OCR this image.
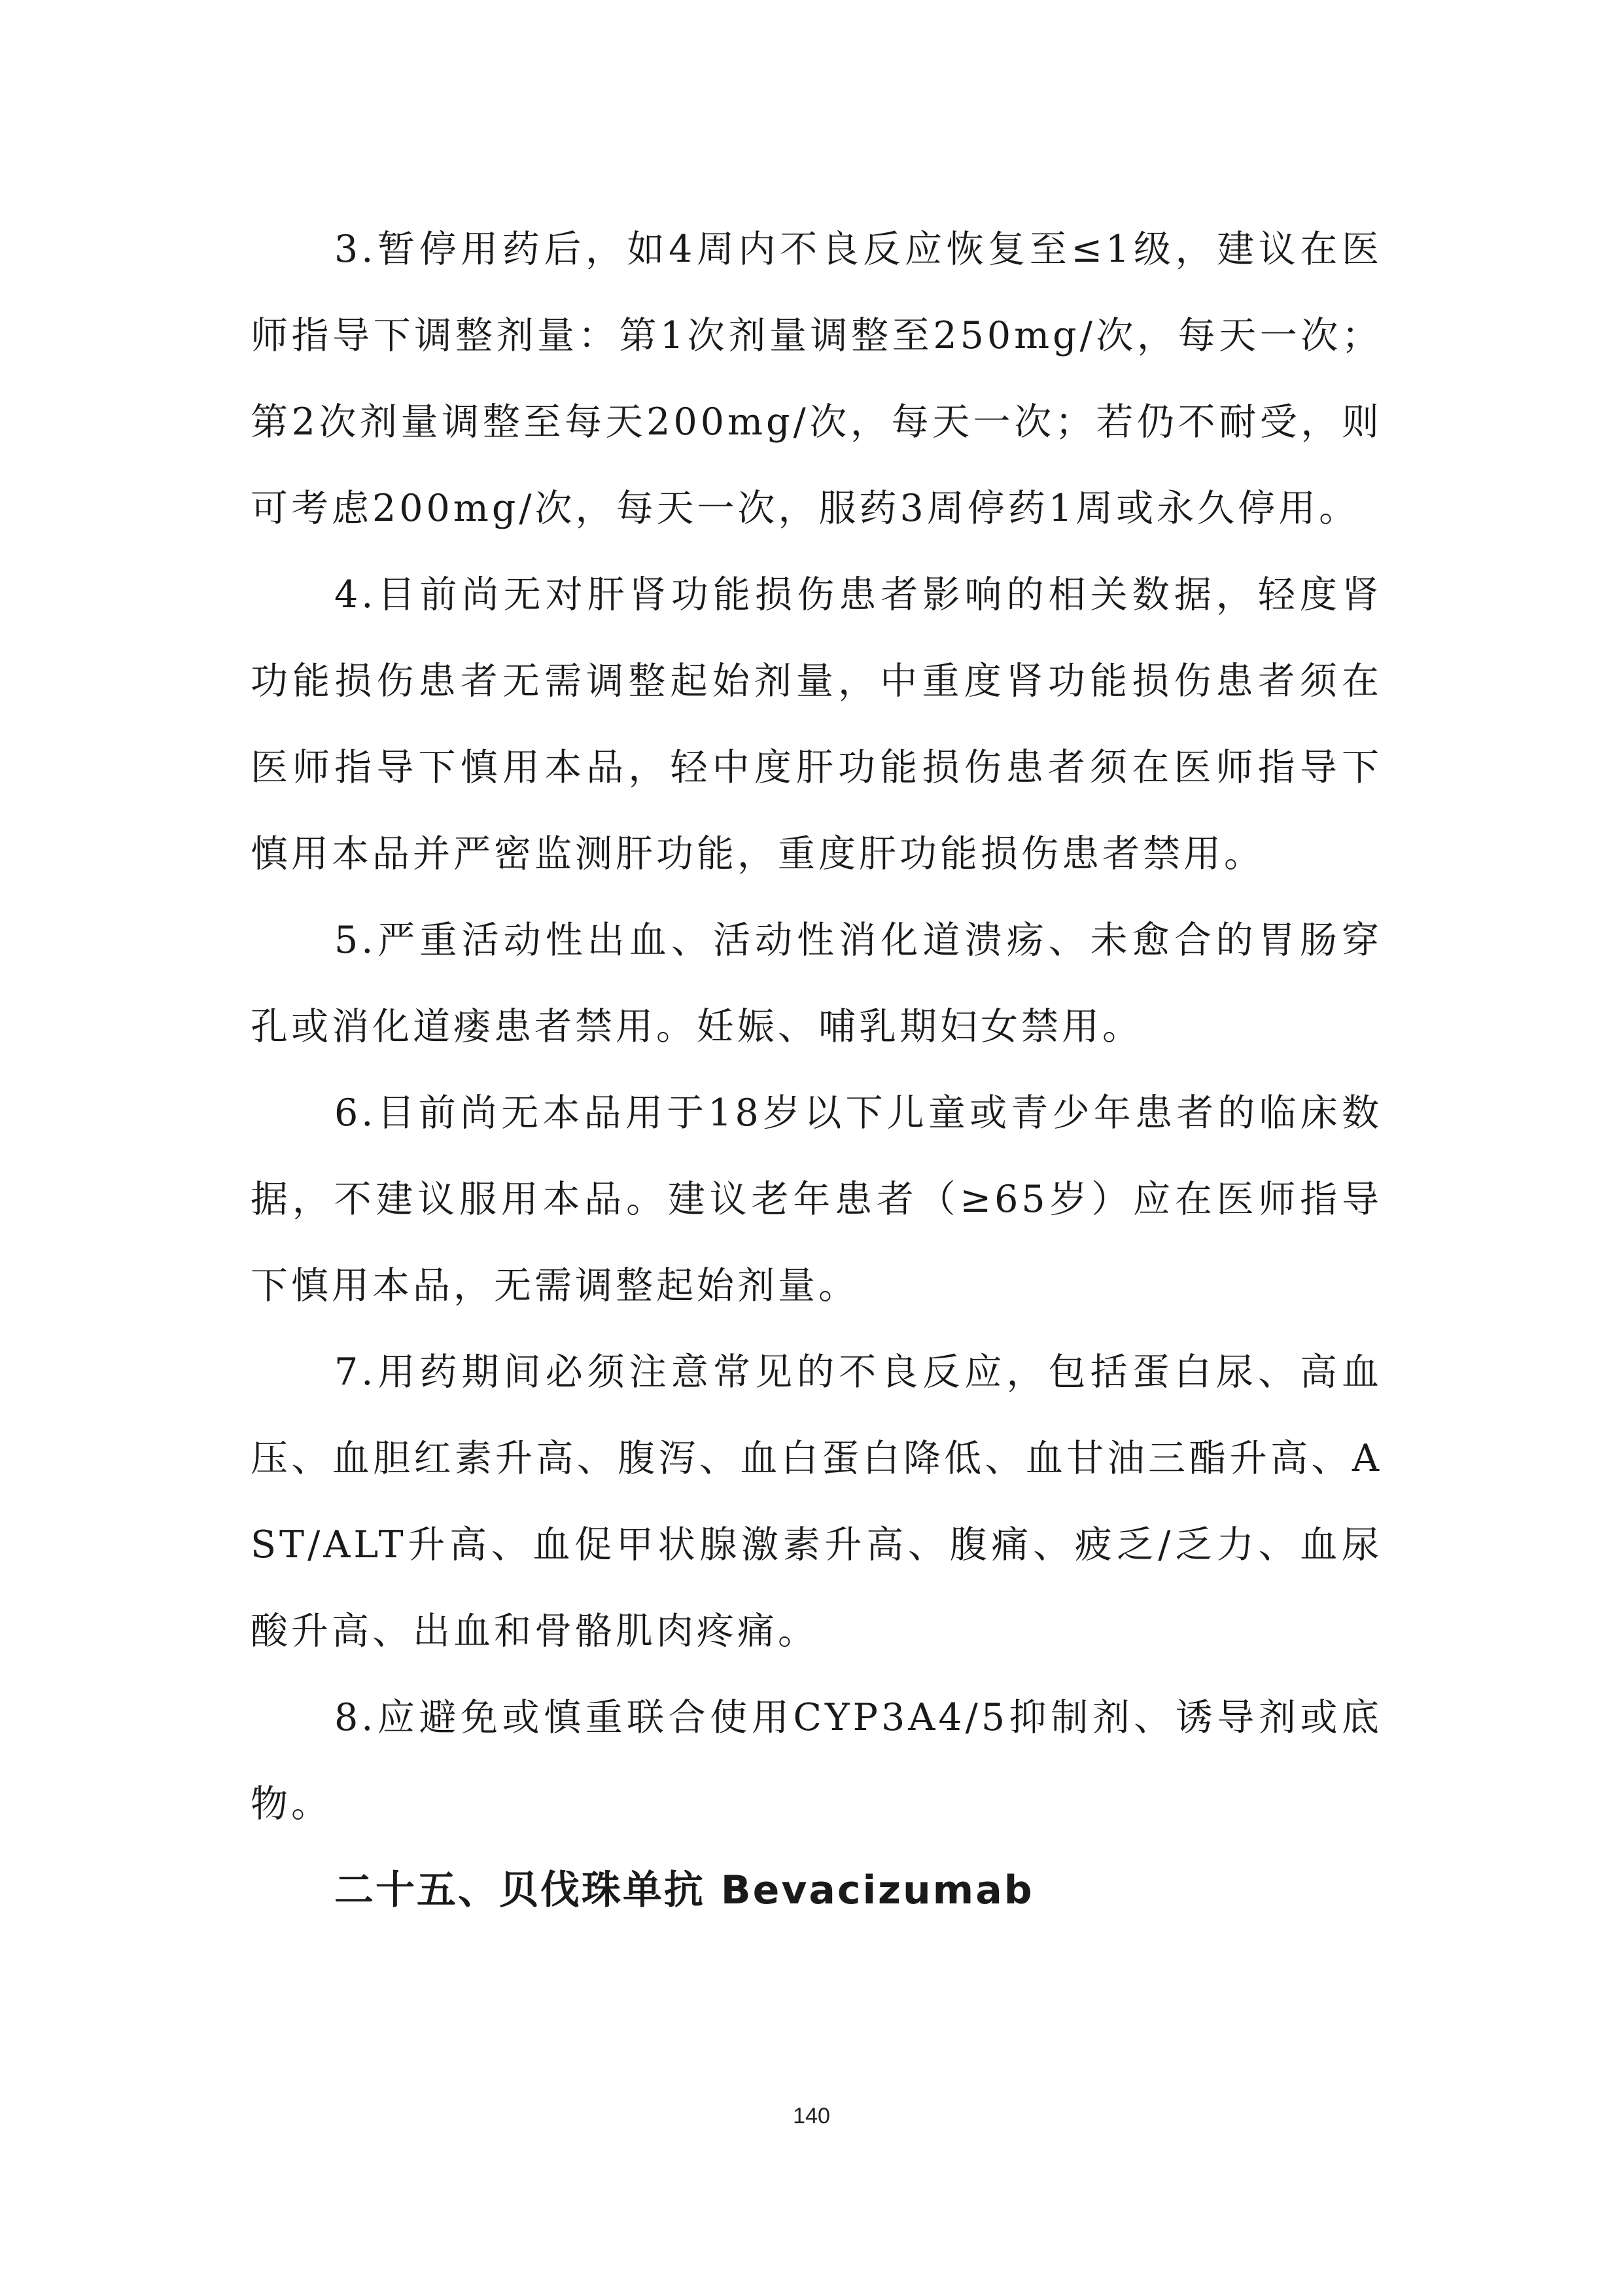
3.暂停用药后，如4周内不良反应恢复至≤1级，建议在医师指导下调整剂量：第1次剂量调整至250mg/次，每天一次；第2次剂量调整至每天200mg/次，每天一次；若仍不耐受，则可考虑200mg/次，每天一次，服药3周停药1周或永久停用。

4.目前尚无对肝肾功能损伤患者影响的相关数据，轻度肾功能损伤患者无需调整起始剂量，中重度肾功能损伤患者须在医师指导下慎用本品，轻中度肝功能损伤患者须在医师指导下慎用本品并严密监测肝功能，重度肝功能损伤患者禁用。

5.严重活动性出血、活动性消化道溃疡、未愈合的胃肠穿孔或消化道瘘患者禁用。妊娠、哺乳期妇女禁用。

6.目前尚无本品用于18岁以下儿童或青少年患者的临床数据，不建议服用本品。建议老年患者（≥65岁）应在医师指导下慎用本品，无需调整起始剂量。

7.用药期间必须注意常见的不良反应，包括蛋白尿、高血压、血胆红素升高、腹泻、血白蛋白降低、血甘油三酯升高、AST/ALT升高、血促甲状腺激素升高、腹痛、疲乏/乏力、血尿酸升高、出血和骨骼肌肉疼痛。

8.应避免或慎重联合使用CYP3A4/5抑制剂、诱导剂或底物。

二十五、贝伐珠单抗 Bevacizumab
140
